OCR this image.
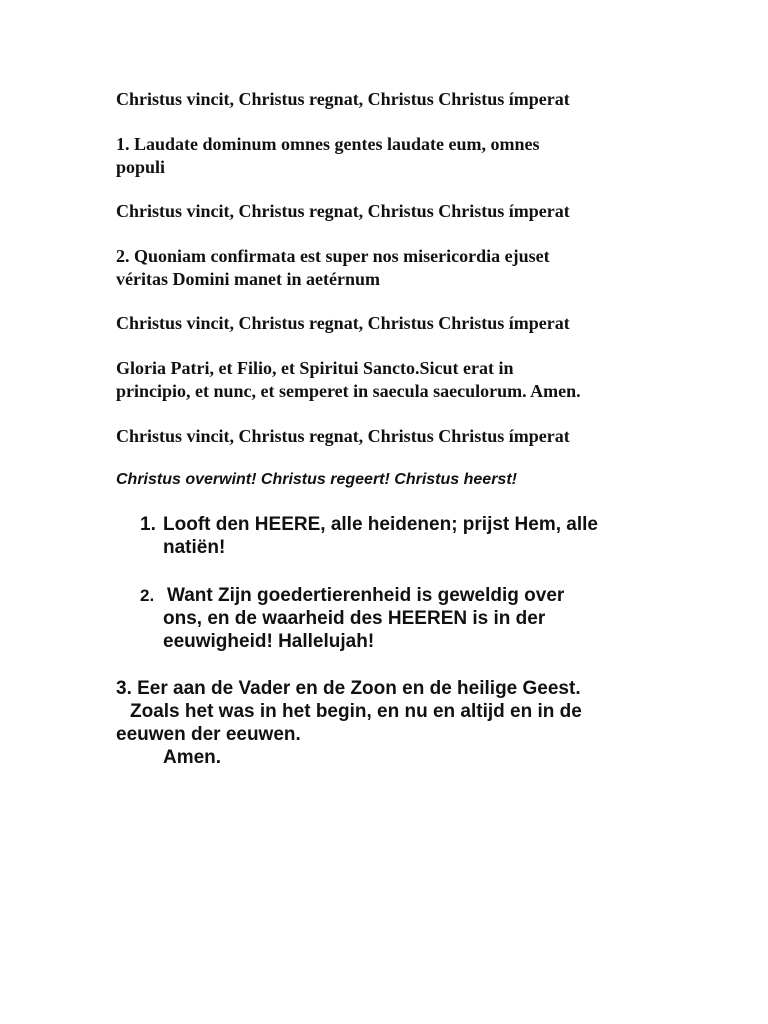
Christus vincit, Christus regnat, Christus Christus ímperat

1. Laudate dominum omnes gentes laudate eum, omnes
populi

Christus vincit, Christus regnat, Christus Christus ímperat

2. Quoniam confirmata est super nos misericordia ejuset
véritas Domini manet in aetérnum

Christus vincit, Christus regnat, Christus Christus ímperat

Gloria Patri, et Filio, et Spiritui Sancto.Sicut erat in
principio, et nunc, et semperet in saecula saeculorum. Amen.

Christus vincit, Christus regnat, Christus Christus ímperat

Christus overwint! Christus regeert! Christus heerst!

1. Looft den HEERE, alle heidenen; prijst Hem, alle
natiën!

2. Want Zijn goedertierenheid is geweldig over
ons, en de waarheid des HEEREN is in der
eeuwigheid! Hallelujah!

3. Eer aan de Vader en de Zoon en de heilige Geest.
Zoals het was in het begin, en nu en altijd en in de
eeuwen der eeuwen.
Amen.
